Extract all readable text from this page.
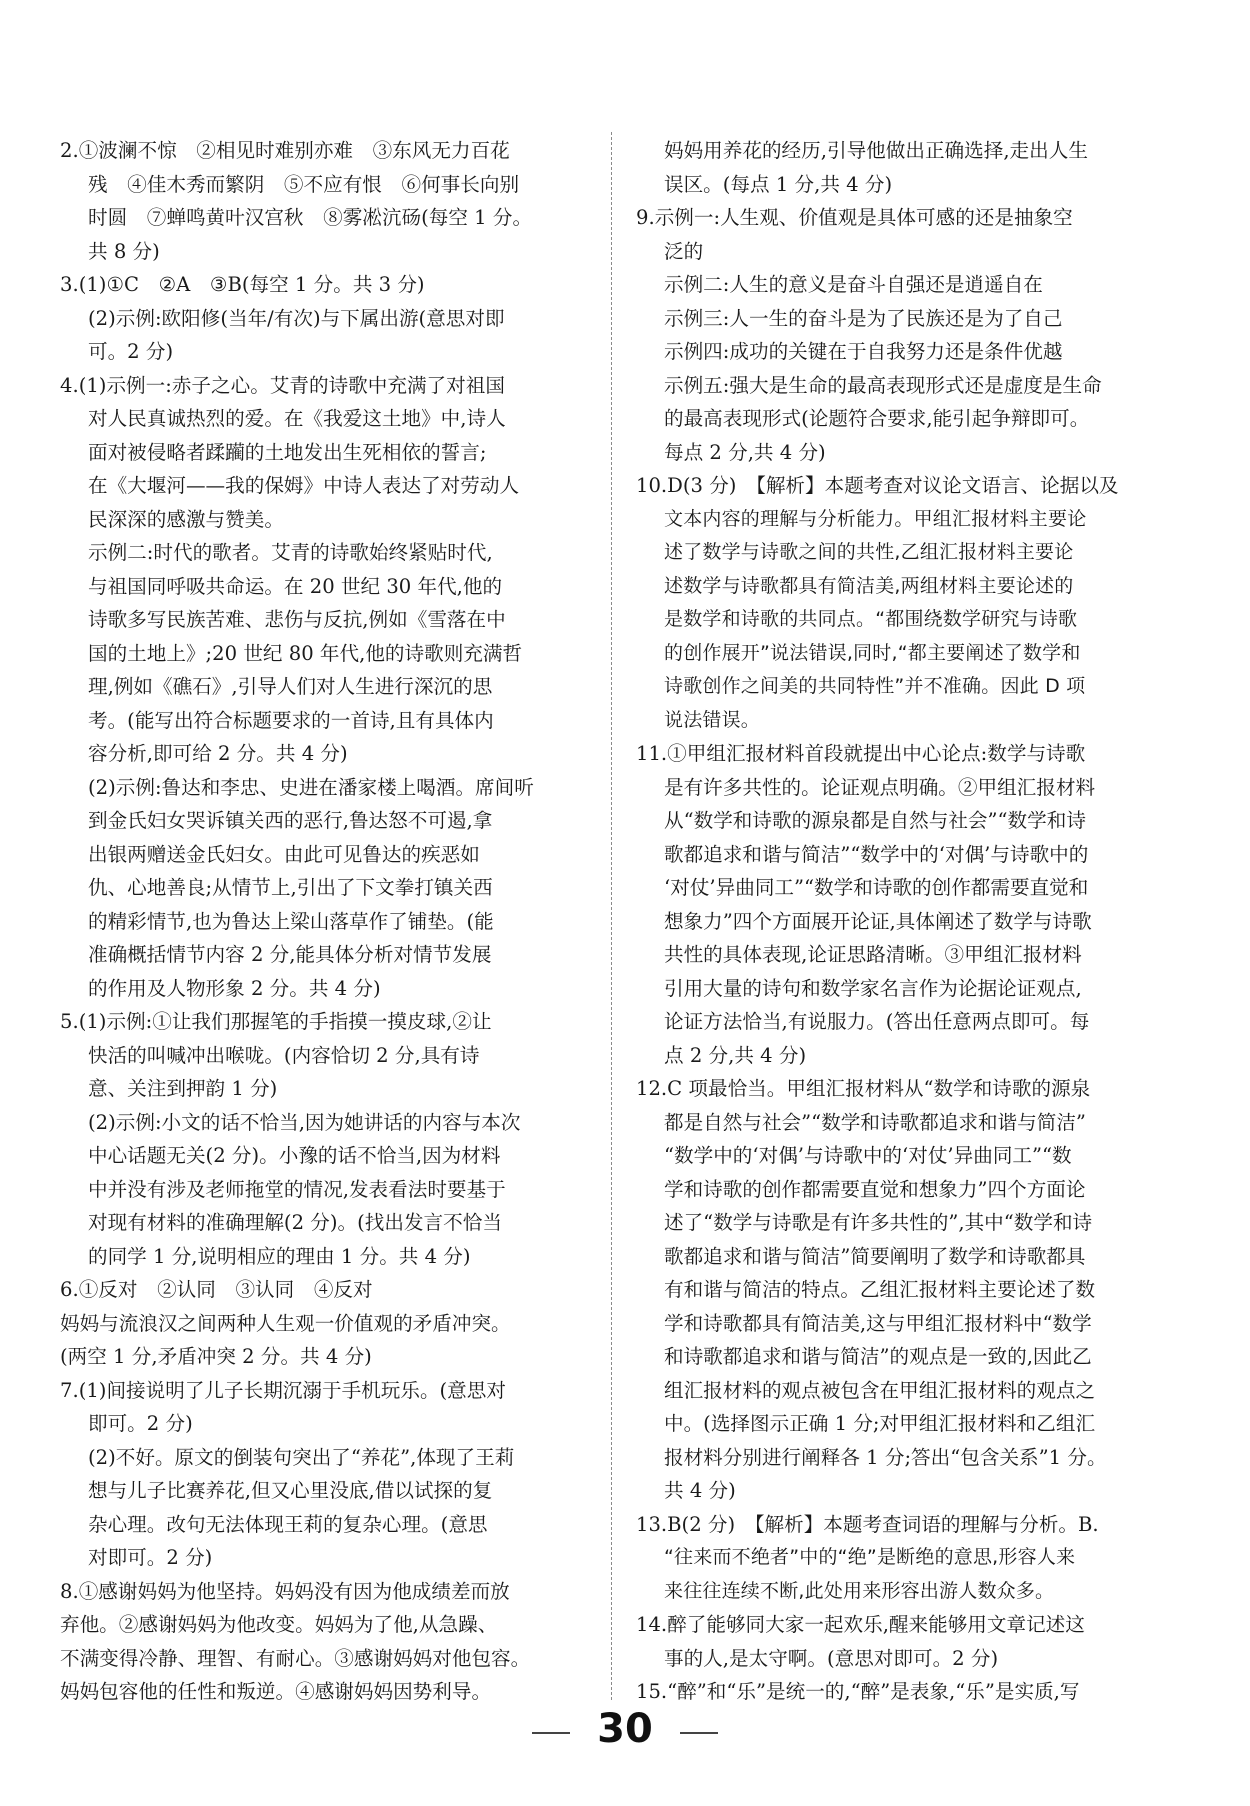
2.①波澜不惊　②相见时难别亦难　③东风无力百花
残　④佳木秀而繁阴　⑤不应有恨　⑥何事长向别
时圆　⑦蝉鸣黄叶汉宫秋　⑧雾凇沆砀(每空 1 分。
共 8 分)
3.(1)①C　②A　③B(每空 1 分。共 3 分)
(2)示例:欧阳修(当年/有次)与下属出游(意思对即
可。2 分)
4.(1)示例一:赤子之心。艾青的诗歌中充满了对祖国
对人民真诚热烈的爱。在《我爱这土地》中,诗人
面对被侵略者蹂躏的土地发出生死相依的誓言;
在《大堰河——我的保姆》中诗人表达了对劳动人
民深深的感激与赞美。
示例二:时代的歌者。艾青的诗歌始终紧贴时代,
与祖国同呼吸共命运。在 20 世纪 30 年代,他的
诗歌多写民族苦难、悲伤与反抗,例如《雪落在中
国的土地上》;20 世纪 80 年代,他的诗歌则充满哲
理,例如《礁石》,引导人们对人生进行深沉的思
考。(能写出符合标题要求的一首诗,且有具体内
容分析,即可给 2 分。共 4 分)
(2)示例:鲁达和李忠、史进在潘家楼上喝酒。席间听
到金氏妇女哭诉镇关西的恶行,鲁达怒不可遏,拿
出银两赠送金氏妇女。由此可见鲁达的疾恶如
仇、心地善良;从情节上,引出了下文拳打镇关西
的精彩情节,也为鲁达上梁山落草作了铺垫。(能
准确概括情节内容 2 分,能具体分析对情节发展
的作用及人物形象 2 分。共 4 分)
5.(1)示例:①让我们那握笔的手指摸一摸皮球,②让
快活的叫喊冲出喉咙。(内容恰切 2 分,具有诗
意、关注到押韵 1 分)
(2)示例:小文的话不恰当,因为她讲话的内容与本次
中心话题无关(2 分)。小豫的话不恰当,因为材料
中并没有涉及老师拖堂的情况,发表看法时要基于
对现有材料的准确理解(2 分)。(找出发言不恰当
的同学 1 分,说明相应的理由 1 分。共 4 分)
6.①反对　②认同　③认同　④反对
妈妈与流浪汉之间两种人生观一价值观的矛盾冲突。
(两空 1 分,矛盾冲突 2 分。共 4 分)
7.(1)间接说明了儿子长期沉溺于手机玩乐。(意思对
即可。2 分)
(2)不好。原文的倒装句突出了“养花”,体现了王莉
想与儿子比赛养花,但又心里没底,借以试探的复
杂心理。改句无法体现王莉的复杂心理。(意思
对即可。2 分)
8.①感谢妈妈为他坚持。妈妈没有因为他成绩差而放
弃他。②感谢妈妈为他改变。妈妈为了他,从急躁、
不满变得冷静、理智、有耐心。③感谢妈妈对他包容。
妈妈包容他的任性和叛逆。④感谢妈妈因势利导。
妈妈用养花的经历,引导他做出正确选择,走出人生
误区。(每点 1 分,共 4 分)
9.示例一:人生观、价值观是具体可感的还是抽象空
泛的
示例二:人生的意义是奋斗自强还是逍遥自在
示例三:人一生的奋斗是为了民族还是为了自己
示例四:成功的关键在于自我努力还是条件优越
示例五:强大是生命的最高表现形式还是虚度是生命
的最高表现形式(论题符合要求,能引起争辩即可。
每点 2 分,共 4 分)
10.D(3 分)　【解析】本题考查对议论文语言、论据以及
文本内容的理解与分析能力。甲组汇报材料主要论
述了数学与诗歌之间的共性,乙组汇报材料主要论
述数学与诗歌都具有简洁美,两组材料主要论述的
是数学和诗歌的共同点。“都围绕数学研究与诗歌
的创作展开”说法错误,同时,“都主要阐述了数学和
诗歌创作之间美的共同特性”并不准确。因此 D 项
说法错误。
11.①甲组汇报材料首段就提出中心论点:数学与诗歌
是有许多共性的。论证观点明确。②甲组汇报材料
从“数学和诗歌的源泉都是自然与社会”“数学和诗
歌都追求和谐与简洁”“数学中的‘对偶’与诗歌中的
‘对仗’异曲同工”“数学和诗歌的创作都需要直觉和
想象力”四个方面展开论证,具体阐述了数学与诗歌
共性的具体表现,论证思路清晰。③甲组汇报材料
引用大量的诗句和数学家名言作为论据论证观点,
论证方法恰当,有说服力。(答出任意两点即可。每
点 2 分,共 4 分)
12.C 项最恰当。甲组汇报材料从“数学和诗歌的源泉
都是自然与社会”“数学和诗歌都追求和谐与简洁”
“数学中的‘对偶’与诗歌中的‘对仗’异曲同工”“数
学和诗歌的创作都需要直觉和想象力”四个方面论
述了“数学与诗歌是有许多共性的”,其中“数学和诗
歌都追求和谐与简洁”简要阐明了数学和诗歌都具
有和谐与简洁的特点。乙组汇报材料主要论述了数
学和诗歌都具有简洁美,这与甲组汇报材料中“数学
和诗歌都追求和谐与简洁”的观点是一致的,因此乙
组汇报材料的观点被包含在甲组汇报材料的观点之
中。(选择图示正确 1 分;对甲组汇报材料和乙组汇
报材料分别进行阐释各 1 分;答出“包含关系”1 分。
共 4 分)
13.B(2 分)　【解析】本题考查词语的理解与分析。B.
“往来而不绝者”中的“绝”是断绝的意思,形容人来
来往往连续不断,此处用来形容出游人数众多。
14.醉了能够同大家一起欢乐,醒来能够用文章记述这
事的人,是太守啊。(意思对即可。2 分)
15.“醉”和“乐”是统一的,“醉”是表象,“乐”是实质,写
30
